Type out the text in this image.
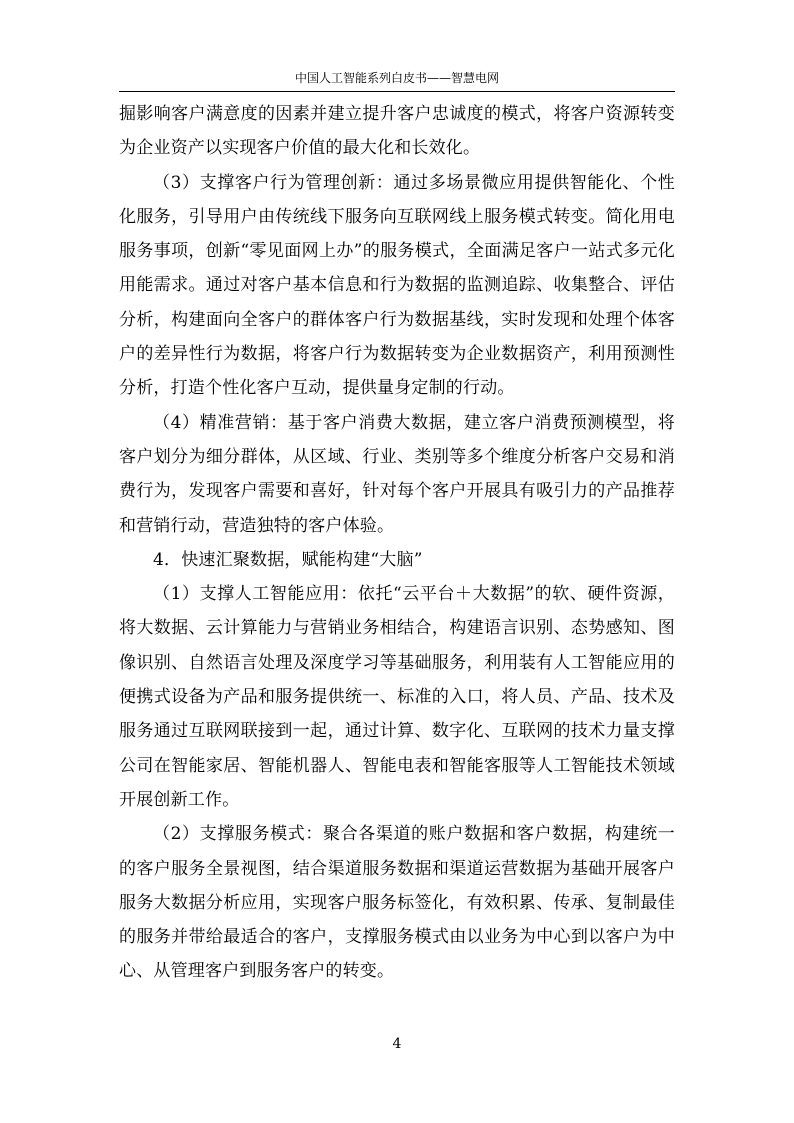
中国人工智能系列白皮书——智慧电网

掘影响客户满意度的因素并建立提升客户忠诚度的模式，将客户资源转变为企业资产以实现客户价值的最大化和长效化。

（3）支撑客户行为管理创新：通过多场景微应用提供智能化、个性化服务，引导用户由传统线下服务向互联网线上服务模式转变。简化用电服务事项，创新“零见面网上办”的服务模式，全面满足客户一站式多元化用能需求。通过对客户基本信息和行为数据的监测追踪、收集整合、评估分析，构建面向全客户的群体客户行为数据基线，实时发现和处理个体客户的差异性行为数据，将客户行为数据转变为企业数据资产，利用预测性分析，打造个性化客户互动，提供量身定制的行动。

（4）精准营销：基于客户消费大数据，建立客户消费预测模型，将客户划分为细分群体，从区域、行业、类别等多个维度分析客户交易和消费行为，发现客户需要和喜好，针对每个客户开展具有吸引力的产品推荐和营销行动，营造独特的客户体验。

4．快速汇聚数据，赋能构建“大脑”

（1）支撑人工智能应用：依托“云平台＋大数据”的软、硬件资源，将大数据、云计算能力与营销业务相结合，构建语言识别、态势感知、图像识别、自然语言处理及深度学习等基础服务，利用装有人工智能应用的便携式设备为产品和服务提供统一、标准的入口，将人员、产品、技术及服务通过互联网联接到一起，通过计算、数字化、互联网的技术力量支撑公司在智能家居、智能机器人、智能电表和智能客服等人工智能技术领域开展创新工作。

（2）支撑服务模式：聚合各渠道的账户数据和客户数据，构建统一的客户服务全景视图，结合渠道服务数据和渠道运营数据为基础开展客户服务大数据分析应用，实现客户服务标签化，有效积累、传承、复制最佳的服务并带给最适合的客户，支撑服务模式由以业务为中心到以客户为中心、从管理客户到服务客户的转变。

4
